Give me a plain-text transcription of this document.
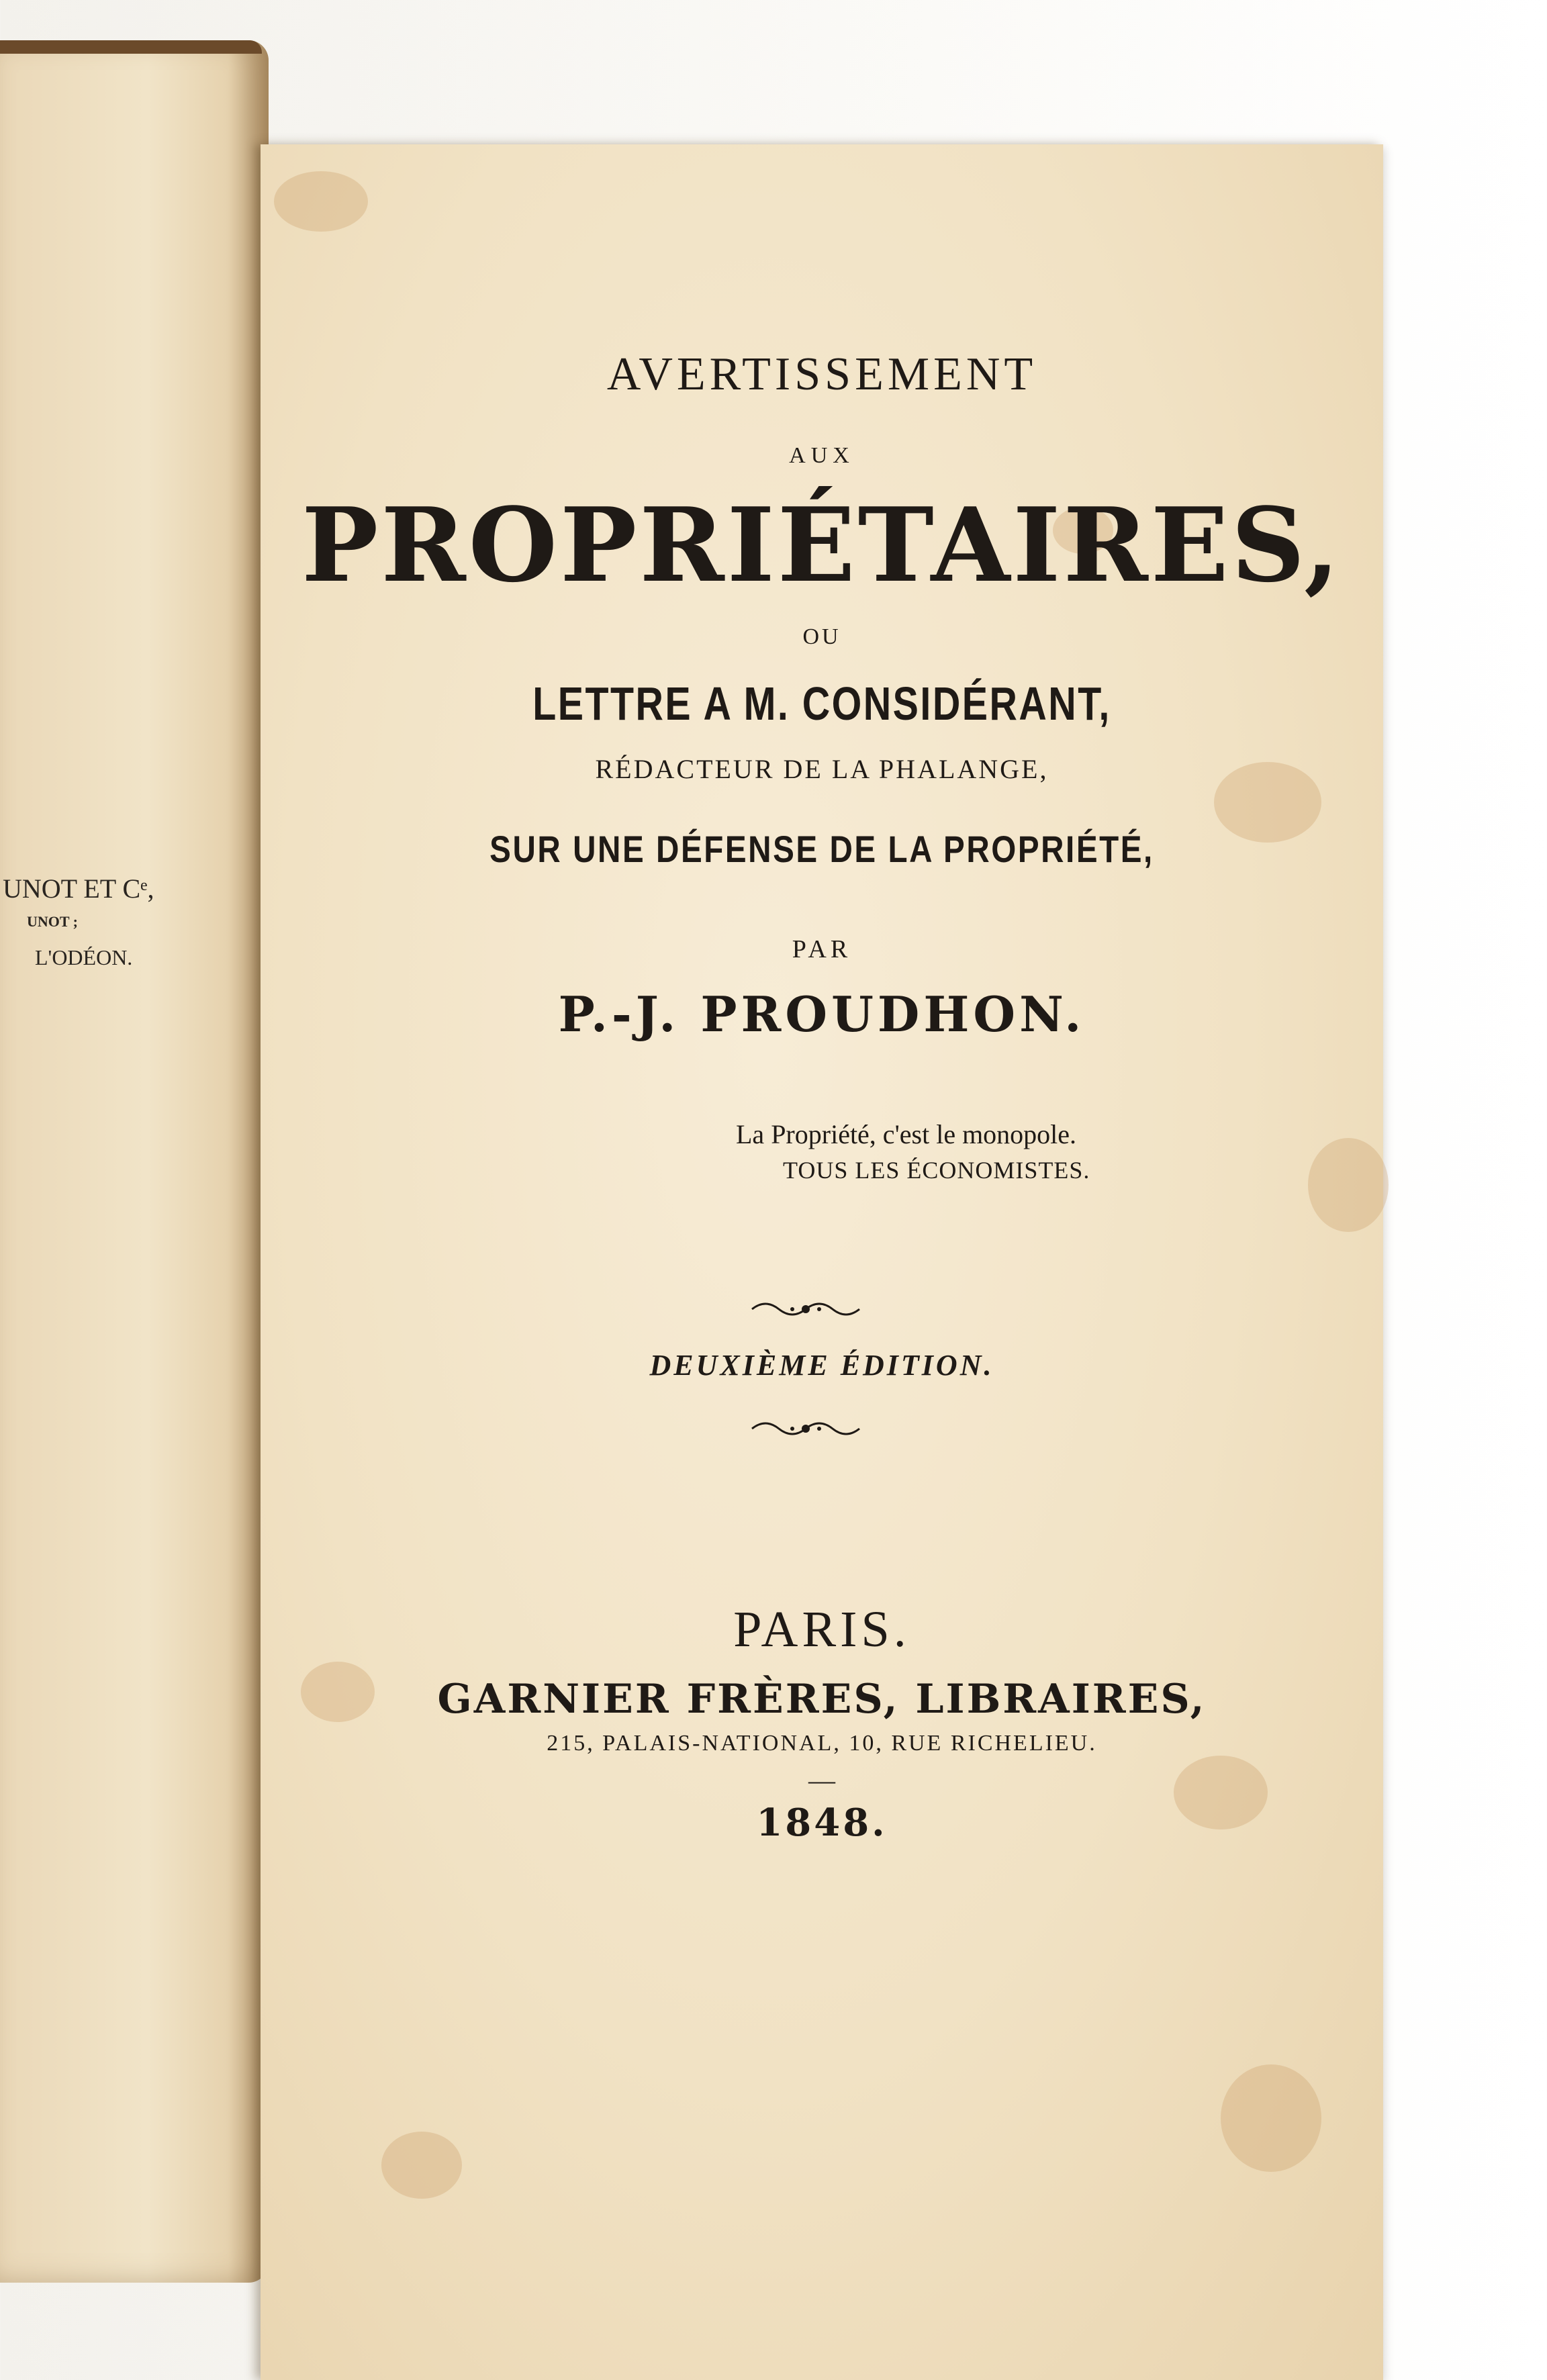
UNOT ET Cᵉ,
UNOT ;
L'ODÉON.
AVERTISSEMENT
AUX
PROPRIÉTAIRES,
OU
LETTRE A M. CONSIDÉRANT,
RÉDACTEUR DE LA PHALANGE,
SUR UNE DÉFENSE DE LA PROPRIÉTÉ,
PAR
P.-J. PROUDHON.
La Propriété, c'est le monopole.
TOUS LES ÉCONOMISTES.
DEUXIÈME ÉDITION.
PARIS.
GARNIER FRÈRES, LIBRAIRES,
215, PALAIS-NATIONAL, 10, RUE RICHELIEU.
—
1848.
